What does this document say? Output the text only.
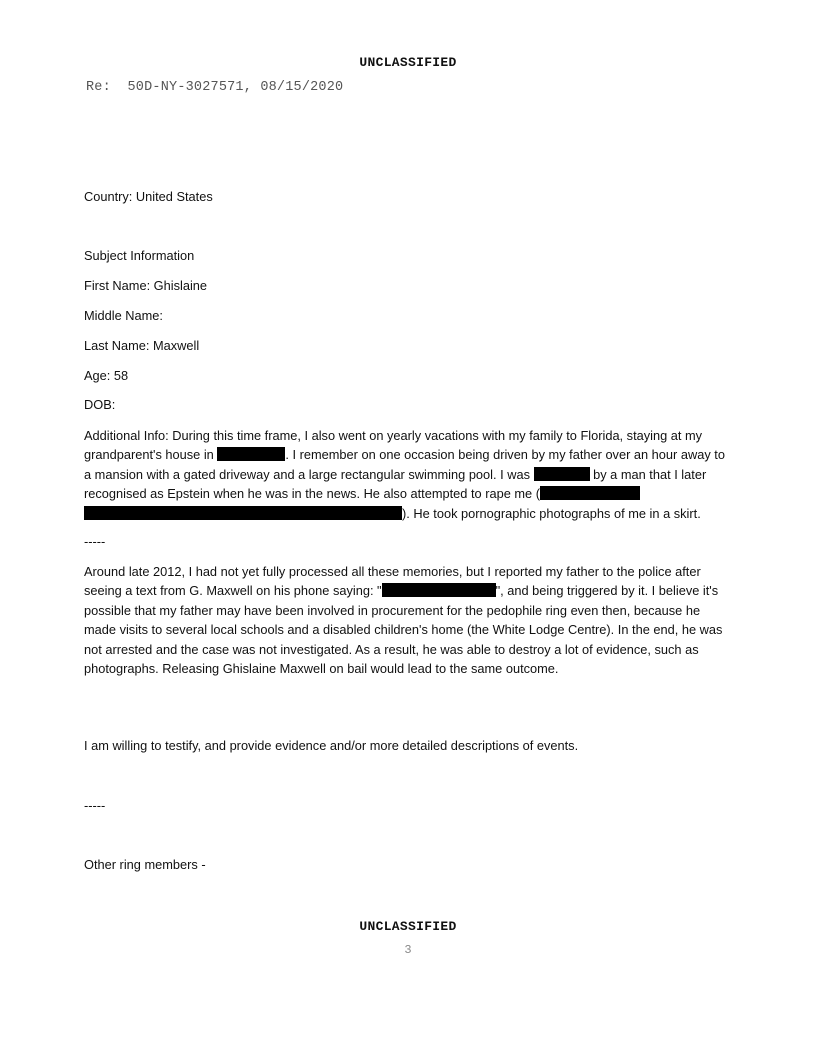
UNCLASSIFIED
Re:  50D-NY-3027571, 08/15/2020
Country: United States
Subject Information
First Name: Ghislaine
Middle Name:
Last Name: Maxwell
Age: 58
DOB:
Additional Info: During this time frame, I also went on yearly vacations with my family to Florida, staying at my grandparent's house in	. I remember on one occasion being driven by my father over an hour away to a mansion with a gated driveway and a large rectangular swimming pool. I was	by a man that I later recognised as Epstein when he was in the news. He also attempted to rape me ( ). He took pornographic photographs of me in a skirt.
-----
Around late 2012, I had not yet fully processed all these memories, but I reported my father to the police after seeing a text from G. Maxwell on his phone saying: "	", and being triggered by it. I believe it's possible that my father may have been involved in procurement for the pedophile ring even then, because he made visits to several local schools and a disabled children's home (the White Lodge Centre). In the end, he was not arrested and the case was not investigated. As a result, he was able to destroy a lot of evidence, such as photographs. Releasing Ghislaine Maxwell on bail would lead to the same outcome.
I am willing to testify, and provide evidence and/or more detailed descriptions of events.
-----
Other ring members -
UNCLASSIFIED
3
